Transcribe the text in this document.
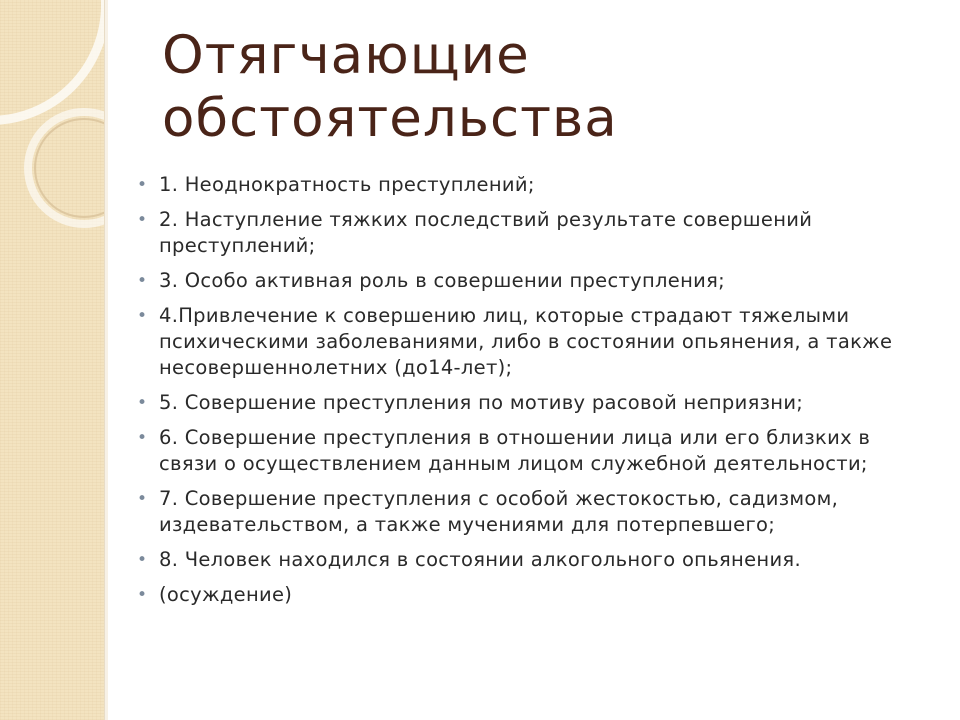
Отягчающие обстоятельства
• 1. Неоднократность преступлений;
• 2. Наступление тяжких последствий результате совершений преступлений;
• 3. Особо активная роль в совершении преступления;
• 4.Привлечение к совершению лиц, которые страдают тяжелыми психическими заболеваниями, либо в состоянии опьянения, а также несовершеннолетних (до14-лет);
• 5. Совершение преступления по мотиву расовой неприязни;
• 6. Совершение преступления в отношении лица или его близких в связи о осуществлением данным лицом служебной деятельности;
• 7. Совершение преступления с особой жестокостью, садизмом, издевательством, а также мучениями для потерпевшего;
• 8. Человек находился в состоянии алкогольного опьянения.
• (осуждение)
